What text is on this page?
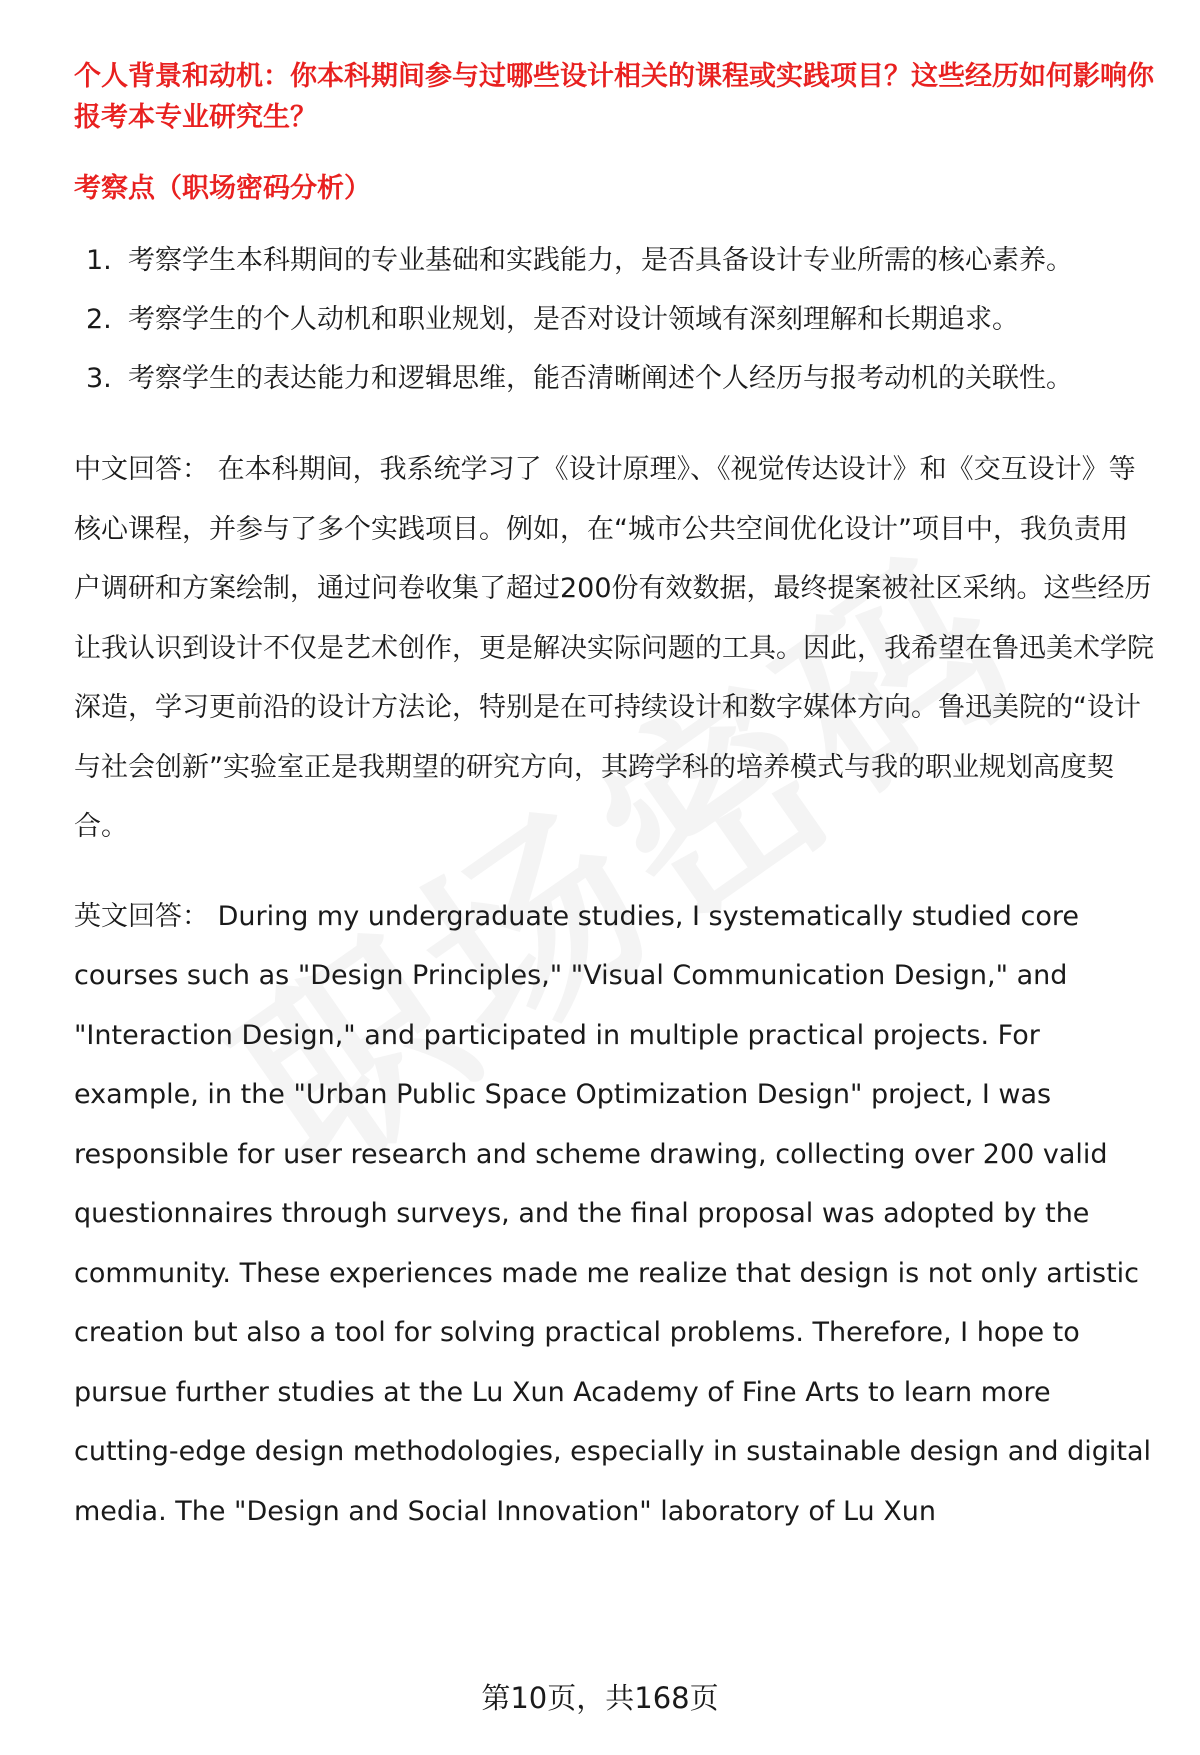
个人背景和动机：你本科期间参与过哪些设计相关的课程或实践项目？这些经历如何影响你报考本专业研究生？

考察点（职场密码分析）

1. 考察学生本科期间的专业基础和实践能力，是否具备设计专业所需的核心素养。
2. 考察学生的个人动机和职业规划，是否对设计领域有深刻理解和长期追求。
3. 考察学生的表达能力和逻辑思维，能否清晰阐述个人经历与报考动机的关联性。

中文回答： 在本科期间，我系统学习了《设计原理》、《视觉传达设计》和《交互设计》等核心课程，并参与了多个实践项目。例如，在“城市公共空间优化设计”项目中，我负责用户调研和方案绘制，通过问卷收集了超过200份有效数据，最终提案被社区采纳。这些经历让我认识到设计不仅是艺术创作，更是解决实际问题的工具。因此，我希望在鲁迅美术学院深造，学习更前沿的设计方法论，特别是在可持续设计和数字媒体方向。鲁迅美院的“设计与社会创新”实验室正是我期望的研究方向，其跨学科的培养模式与我的职业规划高度契合。

英文回答： During my undergraduate studies, I systematically studied core courses such as "Design Principles," "Visual Communication Design," and "Interaction Design," and participated in multiple practical projects. For example, in the "Urban Public Space Optimization Design" project, I was responsible for user research and scheme drawing, collecting over 200 valid questionnaires through surveys, and the final proposal was adopted by the community. These experiences made me realize that design is not only artistic creation but also a tool for solving practical problems. Therefore, I hope to pursue further studies at the Lu Xun Academy of Fine Arts to learn more cutting-edge design methodologies, especially in sustainable design and digital media. The "Design and Social Innovation" laboratory of Lu Xun

第10页，共168页
